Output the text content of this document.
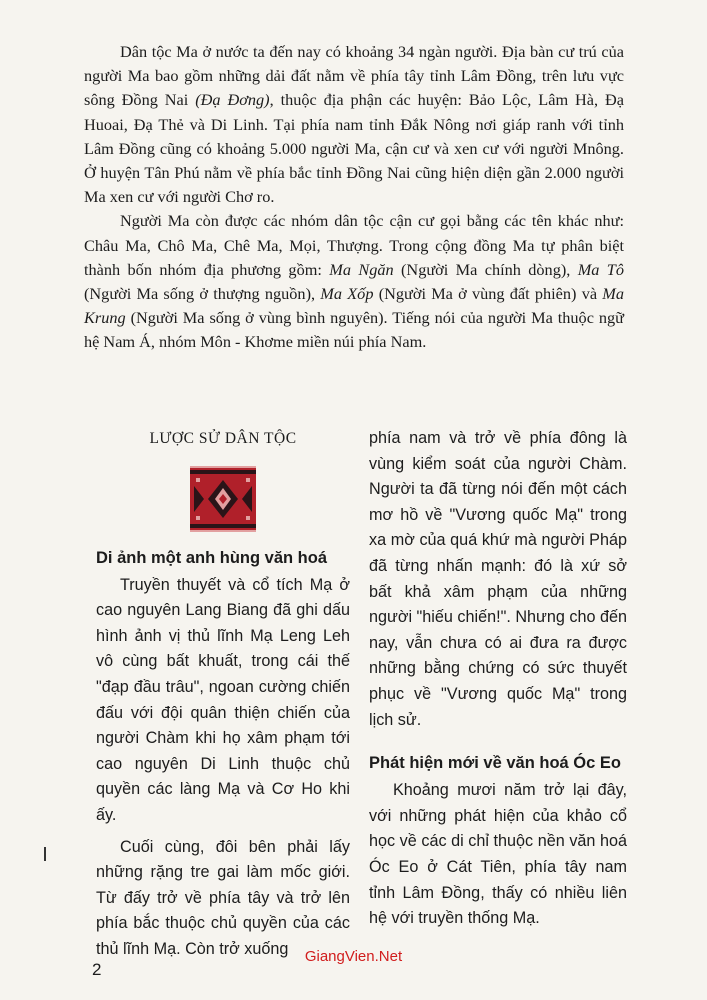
Dân tộc Ma ở nước ta đến nay có khoảng 34 ngàn người. Địa bàn cư trú của người Ma bao gồm những dải đất nằm về phía tây tỉnh Lâm Đồng, trên lưu vực sông Đồng Nai (Đạ Đơng), thuộc địa phận các huyện: Bảo Lộc, Lâm Hà, Đạ Huoai, Đạ Thẻ và Di Linh. Tại phía nam tỉnh Đắk Nông nơi giáp ranh với tỉnh Lâm Đồng cũng có khoảng 5.000 người Ma, cận cư và xen cư với người Mnông. Ở huyện Tân Phú nằm về phía bắc tỉnh Đồng Nai cũng hiện diện gần 2.000 người Ma xen cư với người Chơ ro.

Người Ma còn được các nhóm dân tộc cận cư gọi bằng các tên khác như: Châu Ma, Chô Ma, Chê Ma, Mọi, Thượng. Trong cộng đồng Ma tự phân biệt thành bốn nhóm địa phương gồm: Ma Ngăn (Người Ma chính dòng), Ma Tô (Người Ma sống ở thượng nguồn), Ma Xốp (Người Ma ở vùng đất phiên) và Ma Krung (Người Ma sống ở vùng bình nguyên). Tiếng nói của người Ma thuộc ngữ hệ Nam Á, nhóm Môn - Khơme miền núi phía Nam.

LƯỢC SỬ DÂN TỘC
Di ảnh một anh hùng văn hoá

Truyền thuyết và cổ tích Mạ ở cao nguyên Lang Biang đã ghi dấu hình ảnh vị thủ lĩnh Mạ Leng Leh vô cùng bất khuất, trong cái thế "đạp đầu trâu", ngoan cường chiến đấu với đội quân thiện chiến của người Chàm khi họ xâm phạm tới cao nguyên Di Linh thuộc chủ quyền các làng Mạ và Cơ Ho khi ấy.

Cuối cùng, đôi bên phải lấy những rặng tre gai làm mốc giới. Từ đấy trở về phía tây và trở lên phía bắc thuộc chủ quyền của các thủ lĩnh Mạ. Còn trở xuống

phía nam và trở về phía đông là vùng kiểm soát của người Chàm. Người ta đã từng nói đến một cách mơ hồ về "Vương quốc Mạ" trong xa mờ của quá khứ mà người Pháp đã từng nhấn mạnh: đó là xứ sở bất khả xâm phạm của những người "hiếu chiến!". Nhưng cho đến nay, vẫn chưa có ai đưa ra được những bằng chứng có sức thuyết phục về "Vương quốc Mạ" trong lịch sử.

Phát hiện mới về văn hoá Óc Eo

Khoảng mươi năm trở lại đây, với những phát hiện của khảo cổ học về các di chỉ thuộc nền văn hoá Óc Eo ở Cát Tiên, phía tây nam tỉnh Lâm Đồng, thấy có nhiều liên hệ với truyền thống Mạ.

2
GiangVien.Net
